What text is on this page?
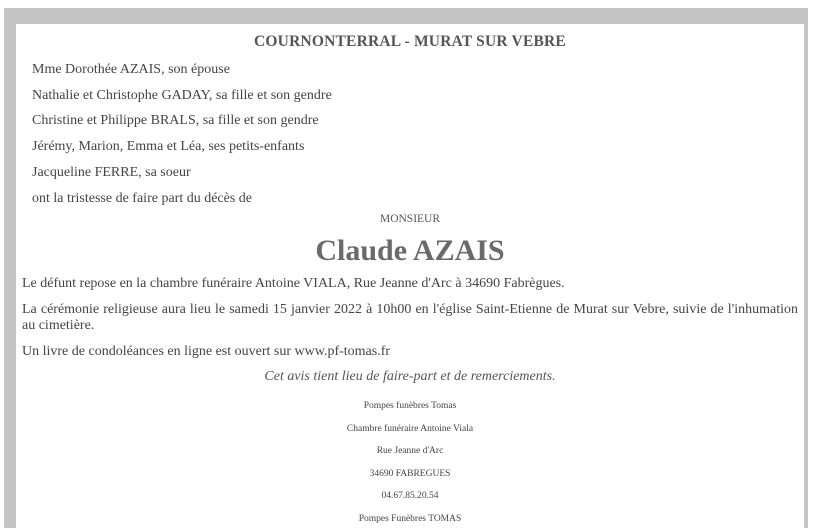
COURNONTERRAL - MURAT SUR VEBRE
Mme Dorothée AZAIS, son épouse
Nathalie et Christophe GADAY, sa fille et son gendre
Christine et Philippe BRALS, sa fille et son gendre
Jérémy, Marion, Emma et Léa, ses petits-enfants
Jacqueline FERRE, sa soeur
ont la tristesse de faire part du décès de
MONSIEUR
Claude AZAIS
Le défunt repose en la chambre funéraire Antoine VIALA, Rue Jeanne d'Arc à 34690 Fabrègues.
La cérémonie religieuse aura lieu le samedi 15 janvier 2022 à 10h00 en l'église Saint-Etienne de Murat sur Vebre, suivie de l'inhumation au cimetière.
Un livre de condoléances en ligne est ouvert sur www.pf-tomas.fr
Cet avis tient lieu de faire-part et de remerciements.
Pompes funèbres Tomas
Chambre funéraire Antoine Viala
Rue Jeanne d'Arc
34690 FABREGUES
04.67.85.20.54
Pompes Funèbres TOMAS
